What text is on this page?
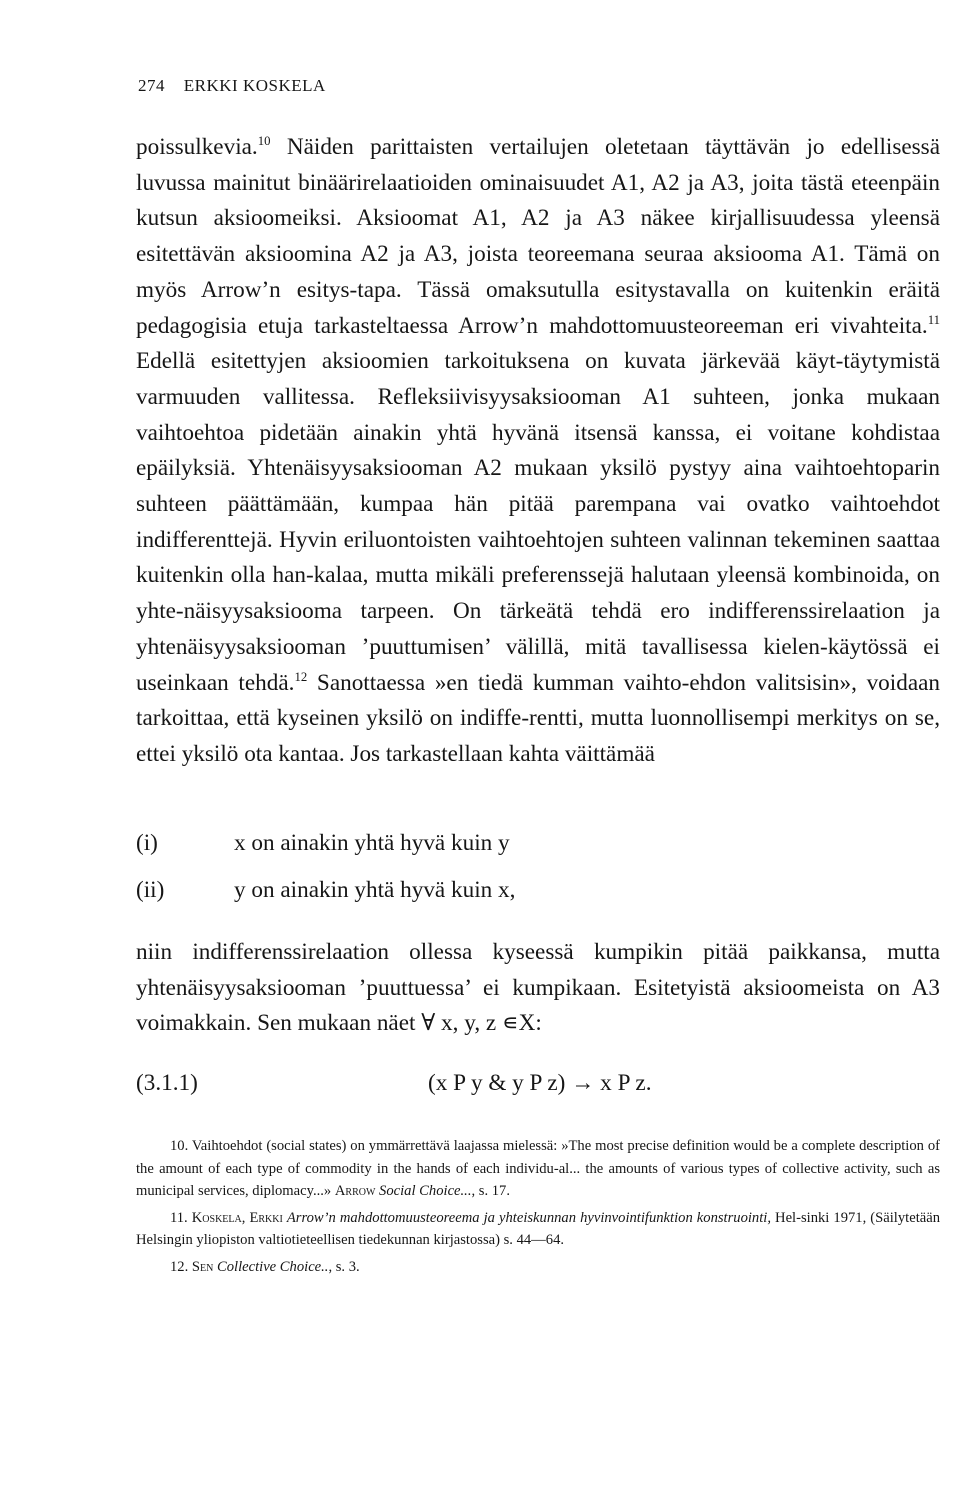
274 ERKKI KOSKELA

poissulkevia.$^{10}$ Näiden parittaisten vertailujen oletetaan täyttävän jo edellisessä luvussa mainitut binäärirelaatioiden ominaisuudet A1, A2 ja A3, joita tästä eteenpäin kutsun aksioomeiksi. Aksioomat A1, A2 ja A3 näkee kirjallisuudessa yleensä esitettävän aksioomina A2 ja A3, joista teoreemana seuraa aksiooma A1. Tämä on myös Arrow’n esitys-tapa. Tässä omaksutulla esitystavalla on kuitenkin eräitä pedagogisia etuja tarkasteltaessa Arrow’n mahdottomuusteoreeman eri vivahteita.$^{11}$ Edellä esitettyjen aksioomien tarkoituksena on kuvata järkevää käyt-täytymistä varmuuden vallitessa. Refleksiivisyysaksiooman A1 suhteen, jonka mukaan vaihtoehtoa pidetään ainakin yhtä hyvänä itsensä kanssa, ei voitane kohdistaa epäilyksiä. Yhtenäisyysaksiooman A2 mukaan yksilö pystyy aina vaihtoehtoparin suhteen päättämään, kumpaa hän pitää parempana vai ovatko vaihtoehdot indifferenttejä. Hyvin eriluontoisten vaihtoehtojen suhteen valinnan tekeminen saattaa kuitenkin olla han-kalaa, mutta mikäli preferenssejä halutaan yleensä kombinoida, on yhte-näisyysaksiooma tarpeen. On tärkeätä tehdä ero indifferenssirelaation ja yhtenäisyysaksiooman ’puuttumisen’ välillä, mitä tavallisessa kielen-käytössä ei useinkaan tehdä.$^{12}$ Sanottaessa »en tiedä kumman vaihto-ehdon valitsisin», voidaan tarkoittaa, että kyseinen yksilö on indiffe-rentti, mutta luonnollisempi merkitys on se, ettei yksilö ota kantaa. Jos tarkastellaan kahta väittämää

(i)	x on ainakin yhtä hyvä kuin y
(ii)	y on ainakin yhtä hyvä kuin x,

niin indifferenssirelaation ollessa kyseessä kumpikin pitää paikkansa, mutta yhtenäisyysaksiooman ’puuttuessa’ ei kumpikaan. Esitetyistä aksioomeista on A3 voimakkain. Sen mukaan näet ∀ x, y, z ∊X:

(3.1.1)	(x P y & y P z) → x P z.

10. Vaihtoehdot (social states) on ymmärrettävä laajassa mielessä: »The most precise definition would be a complete description of the amount of each type of commodity in the hands of each individu-al... the amounts of various types of collective activity, such as municipal services, diplomacy...» Arrow Social Choice..., s. 17.

11. Koskela, Erkki Arrow’n mahdottomuusteoreema ja yhteiskunnan hyvinvointifunktion konstruointi, Hel-sinki 1971, (Säilytetään Helsingin yliopiston valtiotieteellisen tiedekunnan kirjastossa) s. 44—64.

12. Sen Collective Choice.., s. 3.
